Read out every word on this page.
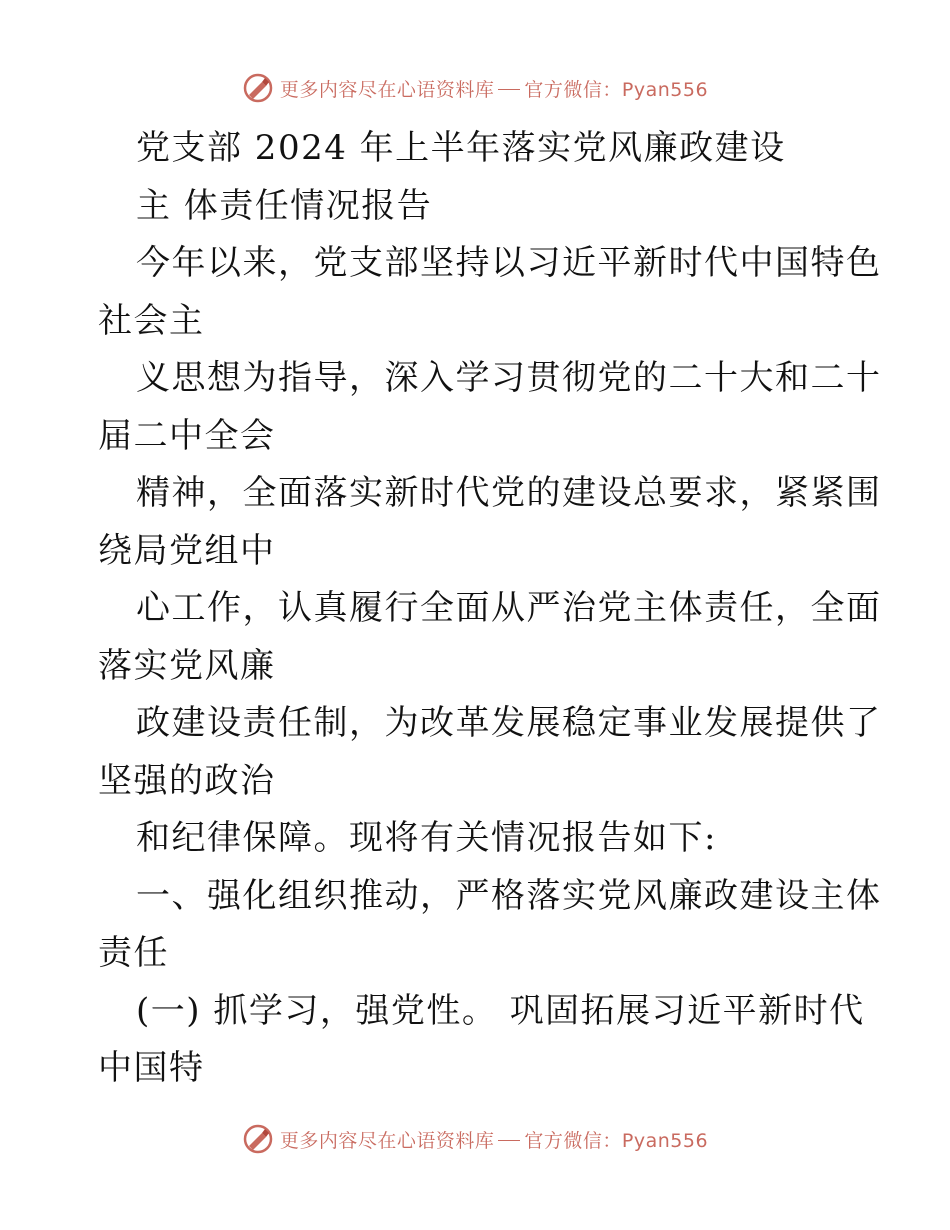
更多内容尽在心语资料库 官方微信：Pyan556
党支部 2024 年上半年落实党风廉政建设
主 体责任情况报告
今年以来，党支部坚持以习近平新时代中国特色
社会主
义思想为指导，深入学习贯彻党的二十大和二十
届二中全会
精神，全面落实新时代党的建设总要求，紧紧围
绕局党组中
心工作，认真履行全面从严治党主体责任，全面
落实党风廉
政建设责任制，为改革发展稳定事业发展提供了
坚强的政治
和纪律保障。现将有关情况报告如下:
一、强化组织推动，严格落实党风廉政建设主体
责任
(一) 抓学习，强党性。 巩固拓展习近平新时代
中国特
更多内容尽在心语资料库 官方微信：Pyan556
